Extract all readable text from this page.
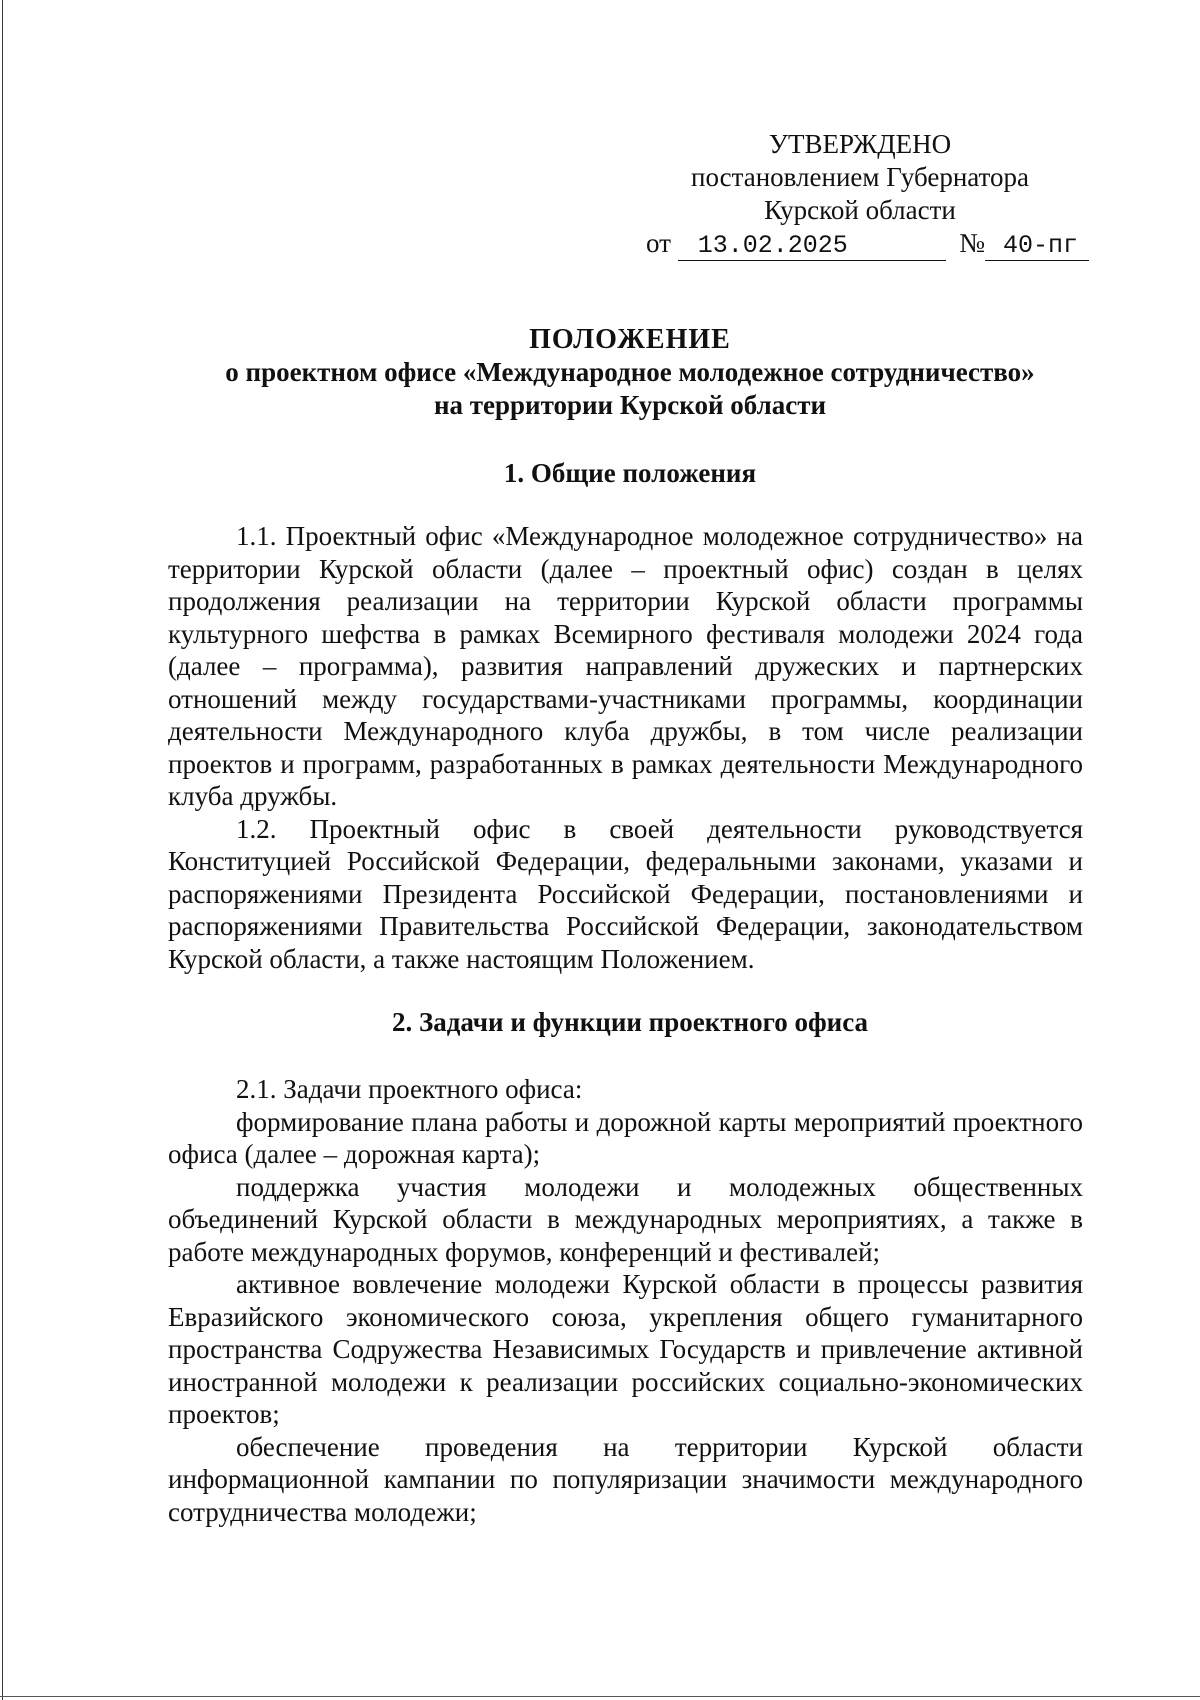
УТВЕРЖДЕНО
постановлением Губернатора
Курской области
от 13.02.2025	№ 40-пг
ПОЛОЖЕНИЕ
о проектном офисе «Международное молодежное сотрудничество»
на территории Курской области
1. Общие положения

1.1. Проектный офис «Международное молодежное сотрудничество» на территории Курской области (далее – проектный офис) создан в целях продолжения реализации на территории Курской области программы культурного шефства в рамках Всемирного фестиваля молодежи 2024 года (далее – программа), развития направлений дружеских и партнерских отношений между государствами-участниками программы, координации деятельности Международного клуба дружбы, в том числе реализации проектов и программ, разработанных в рамках деятельности Международного клуба дружбы.

1.2. Проектный офис в своей деятельности руководствуется Конституцией Российской Федерации, федеральными законами, указами и распоряжениями Президента Российской Федерации, постановлениями и распоряжениями Правительства Российской Федерации, законодательством Курской области, а также настоящим Положением.

2. Задачи и функции проектного офиса

2.1. Задачи проектного офиса:

формирование плана работы и дорожной карты мероприятий проектного офиса (далее – дорожная карта);

поддержка участия молодежи и молодежных общественных объединений Курской области в международных мероприятиях, а также в работе международных форумов, конференций и фестивалей;

активное вовлечение молодежи Курской области в процессы развития Евразийского экономического союза, укрепления общего гуманитарного пространства Содружества Независимых Государств и привлечение активной иностранной молодежи к реализации российских социально-экономических проектов;

обеспечение проведения на территории Курской области информационной кампании по популяризации значимости международного сотрудничества молодежи;
